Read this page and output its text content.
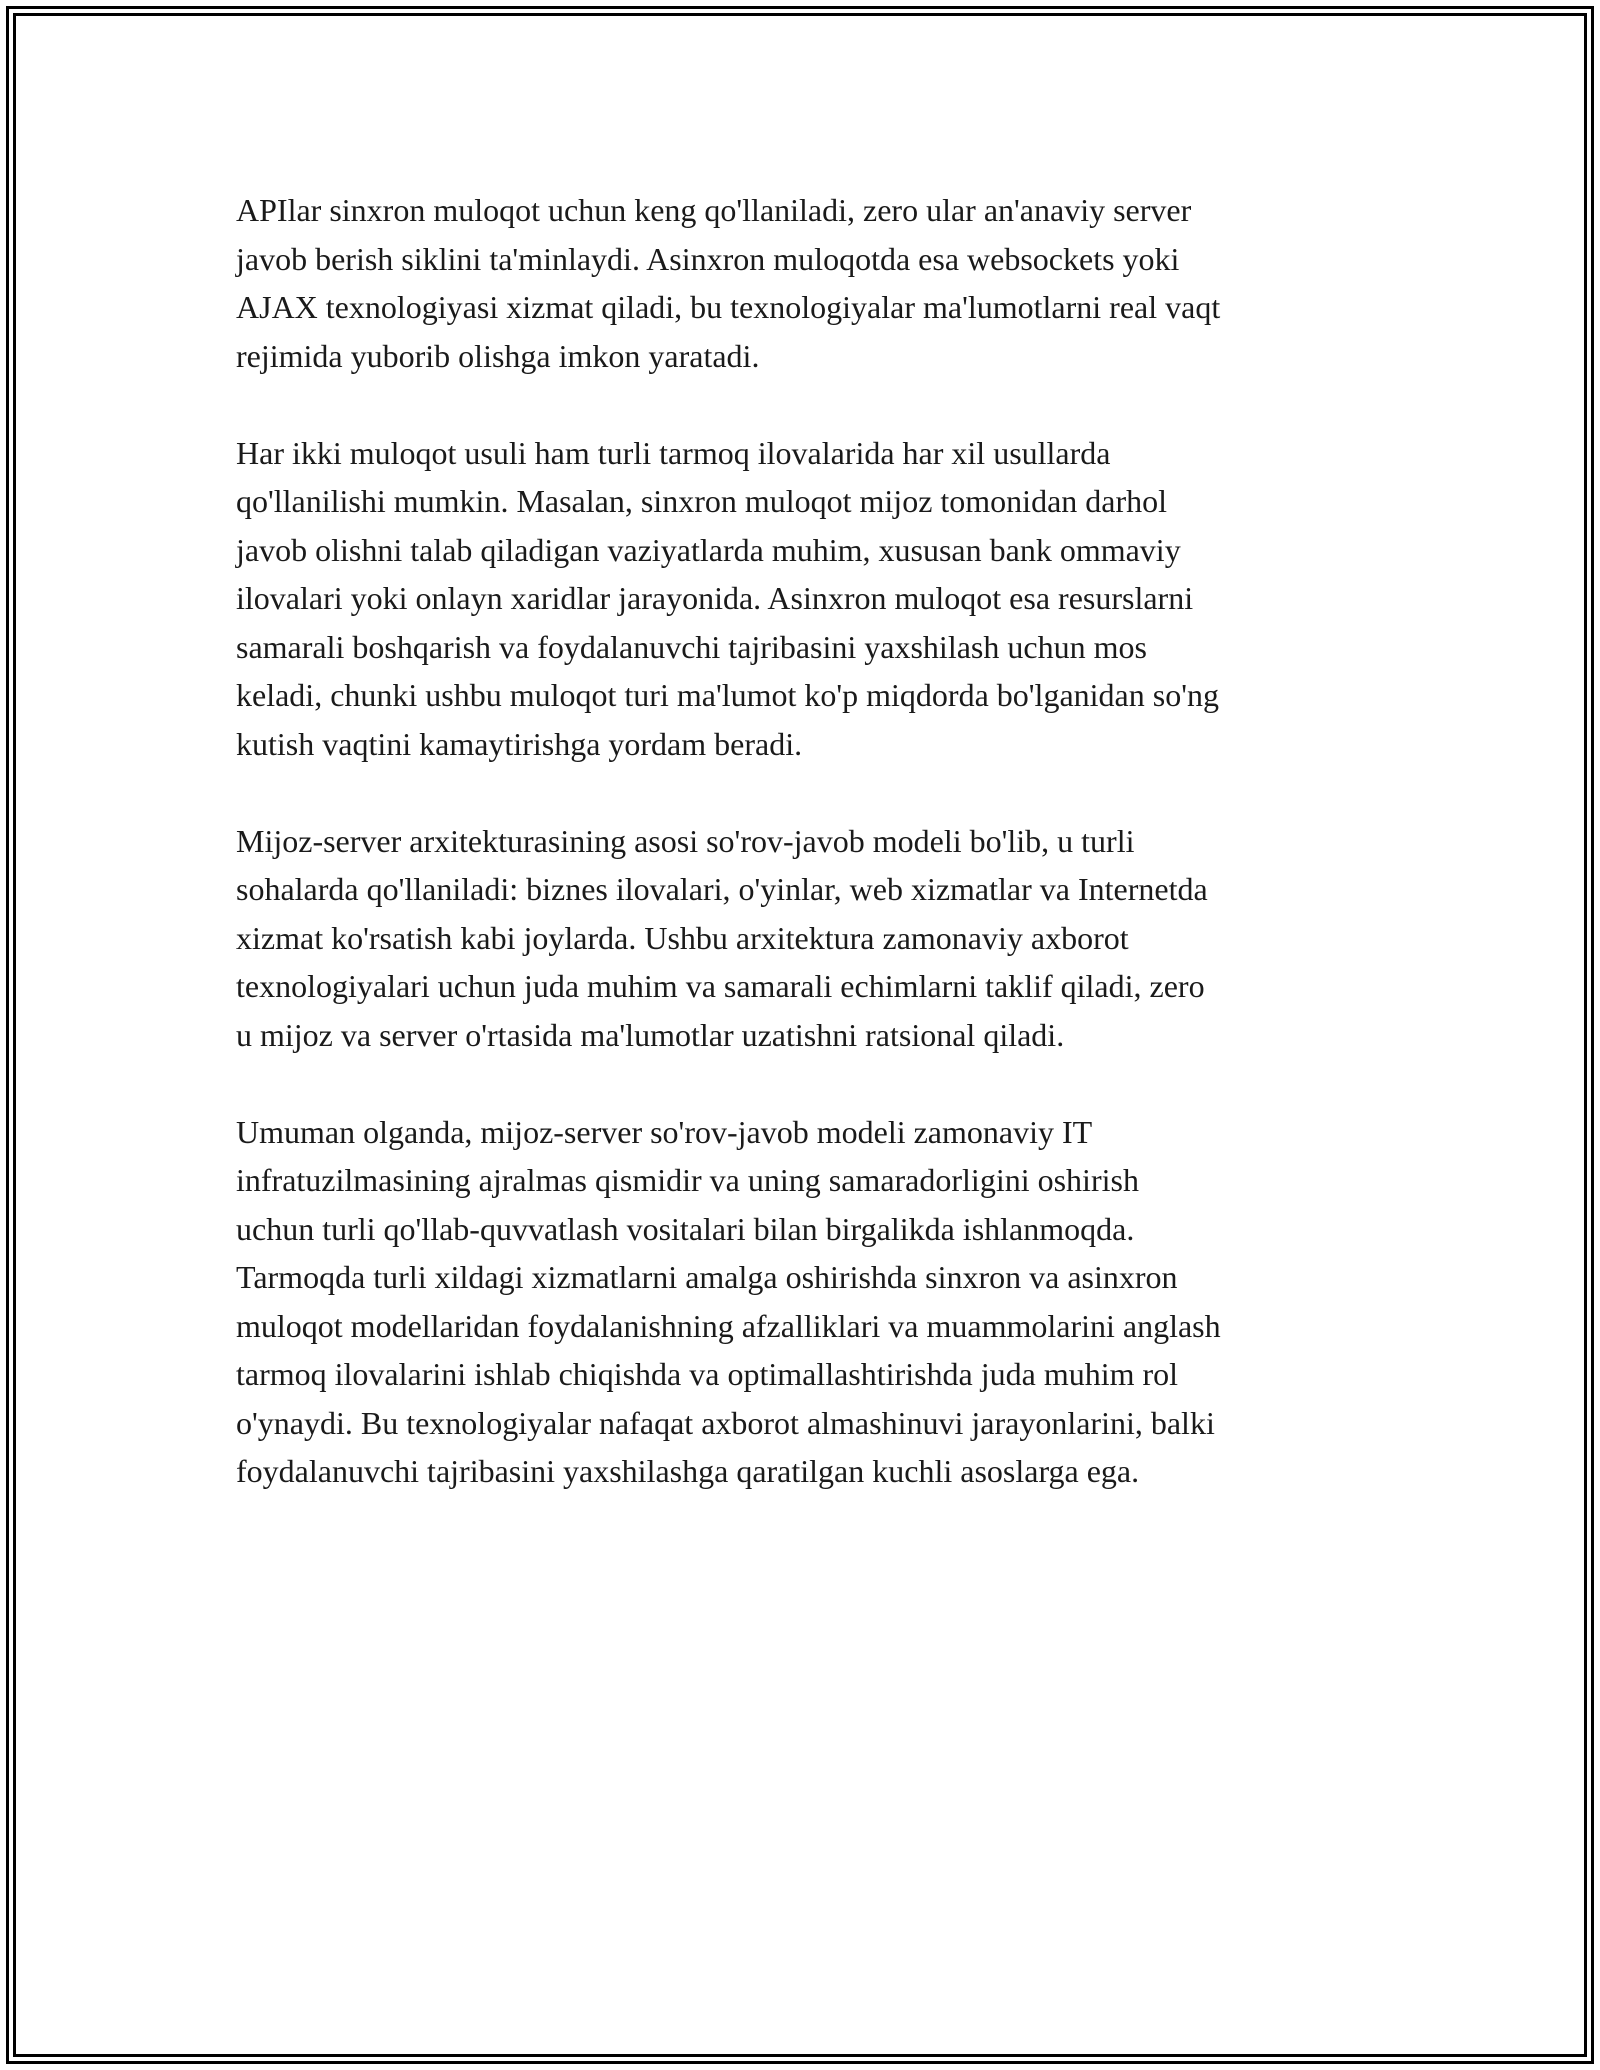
APIlar sinxron muloqot uchun keng qo'llaniladi, zero ular an'anaviy server
javob berish siklini ta'minlaydi. Asinxron muloqotda esa websockets yoki
AJAX texnologiyasi xizmat qiladi, bu texnologiyalar ma'lumotlarni real vaqt
rejimida yuborib olishga imkon yaratadi.

Har ikki muloqot usuli ham turli tarmoq ilovalarida har xil usullarda
qo'llanilishi mumkin. Masalan, sinxron muloqot mijoz tomonidan darhol
javob olishni talab qiladigan vaziyatlarda muhim, xususan bank ommaviy
ilovalari yoki onlayn xaridlar jarayonida. Asinxron muloqot esa resurslarni
samarali boshqarish va foydalanuvchi tajribasini yaxshilash uchun mos
keladi, chunki ushbu muloqot turi ma'lumot ko'p miqdorda bo'lganidan so'ng
kutish vaqtini kamaytirishga yordam beradi.

Mijoz-server arxitekturasining asosi so'rov-javob modeli bo'lib, u turli
sohalarda qo'llaniladi: biznes ilovalari, o'yinlar, web xizmatlar va Internetda
xizmat ko'rsatish kabi joylarda. Ushbu arxitektura zamonaviy axborot
texnologiyalari uchun juda muhim va samarali echimlarni taklif qiladi, zero
u mijoz va server o'rtasida ma'lumotlar uzatishni ratsional qiladi.

Umuman olganda, mijoz-server so'rov-javob modeli zamonaviy IT
infratuzilmasining ajralmas qismidir va uning samaradorligini oshirish
uchun turli qo'llab-quvvatlash vositalari bilan birgalikda ishlanmoqda.
Tarmoqda turli xildagi xizmatlarni amalga oshirishda sinxron va asinxron
muloqot modellaridan foydalanishning afzalliklari va muammolarini anglash
tarmoq ilovalarini ishlab chiqishda va optimallashtirishda juda muhim rol
o'ynaydi. Bu texnologiyalar nafaqat axborot almashinuvi jarayonlarini, balki
foydalanuvchi tajribasini yaxshilashga qaratilgan kuchli asoslarga ega.
